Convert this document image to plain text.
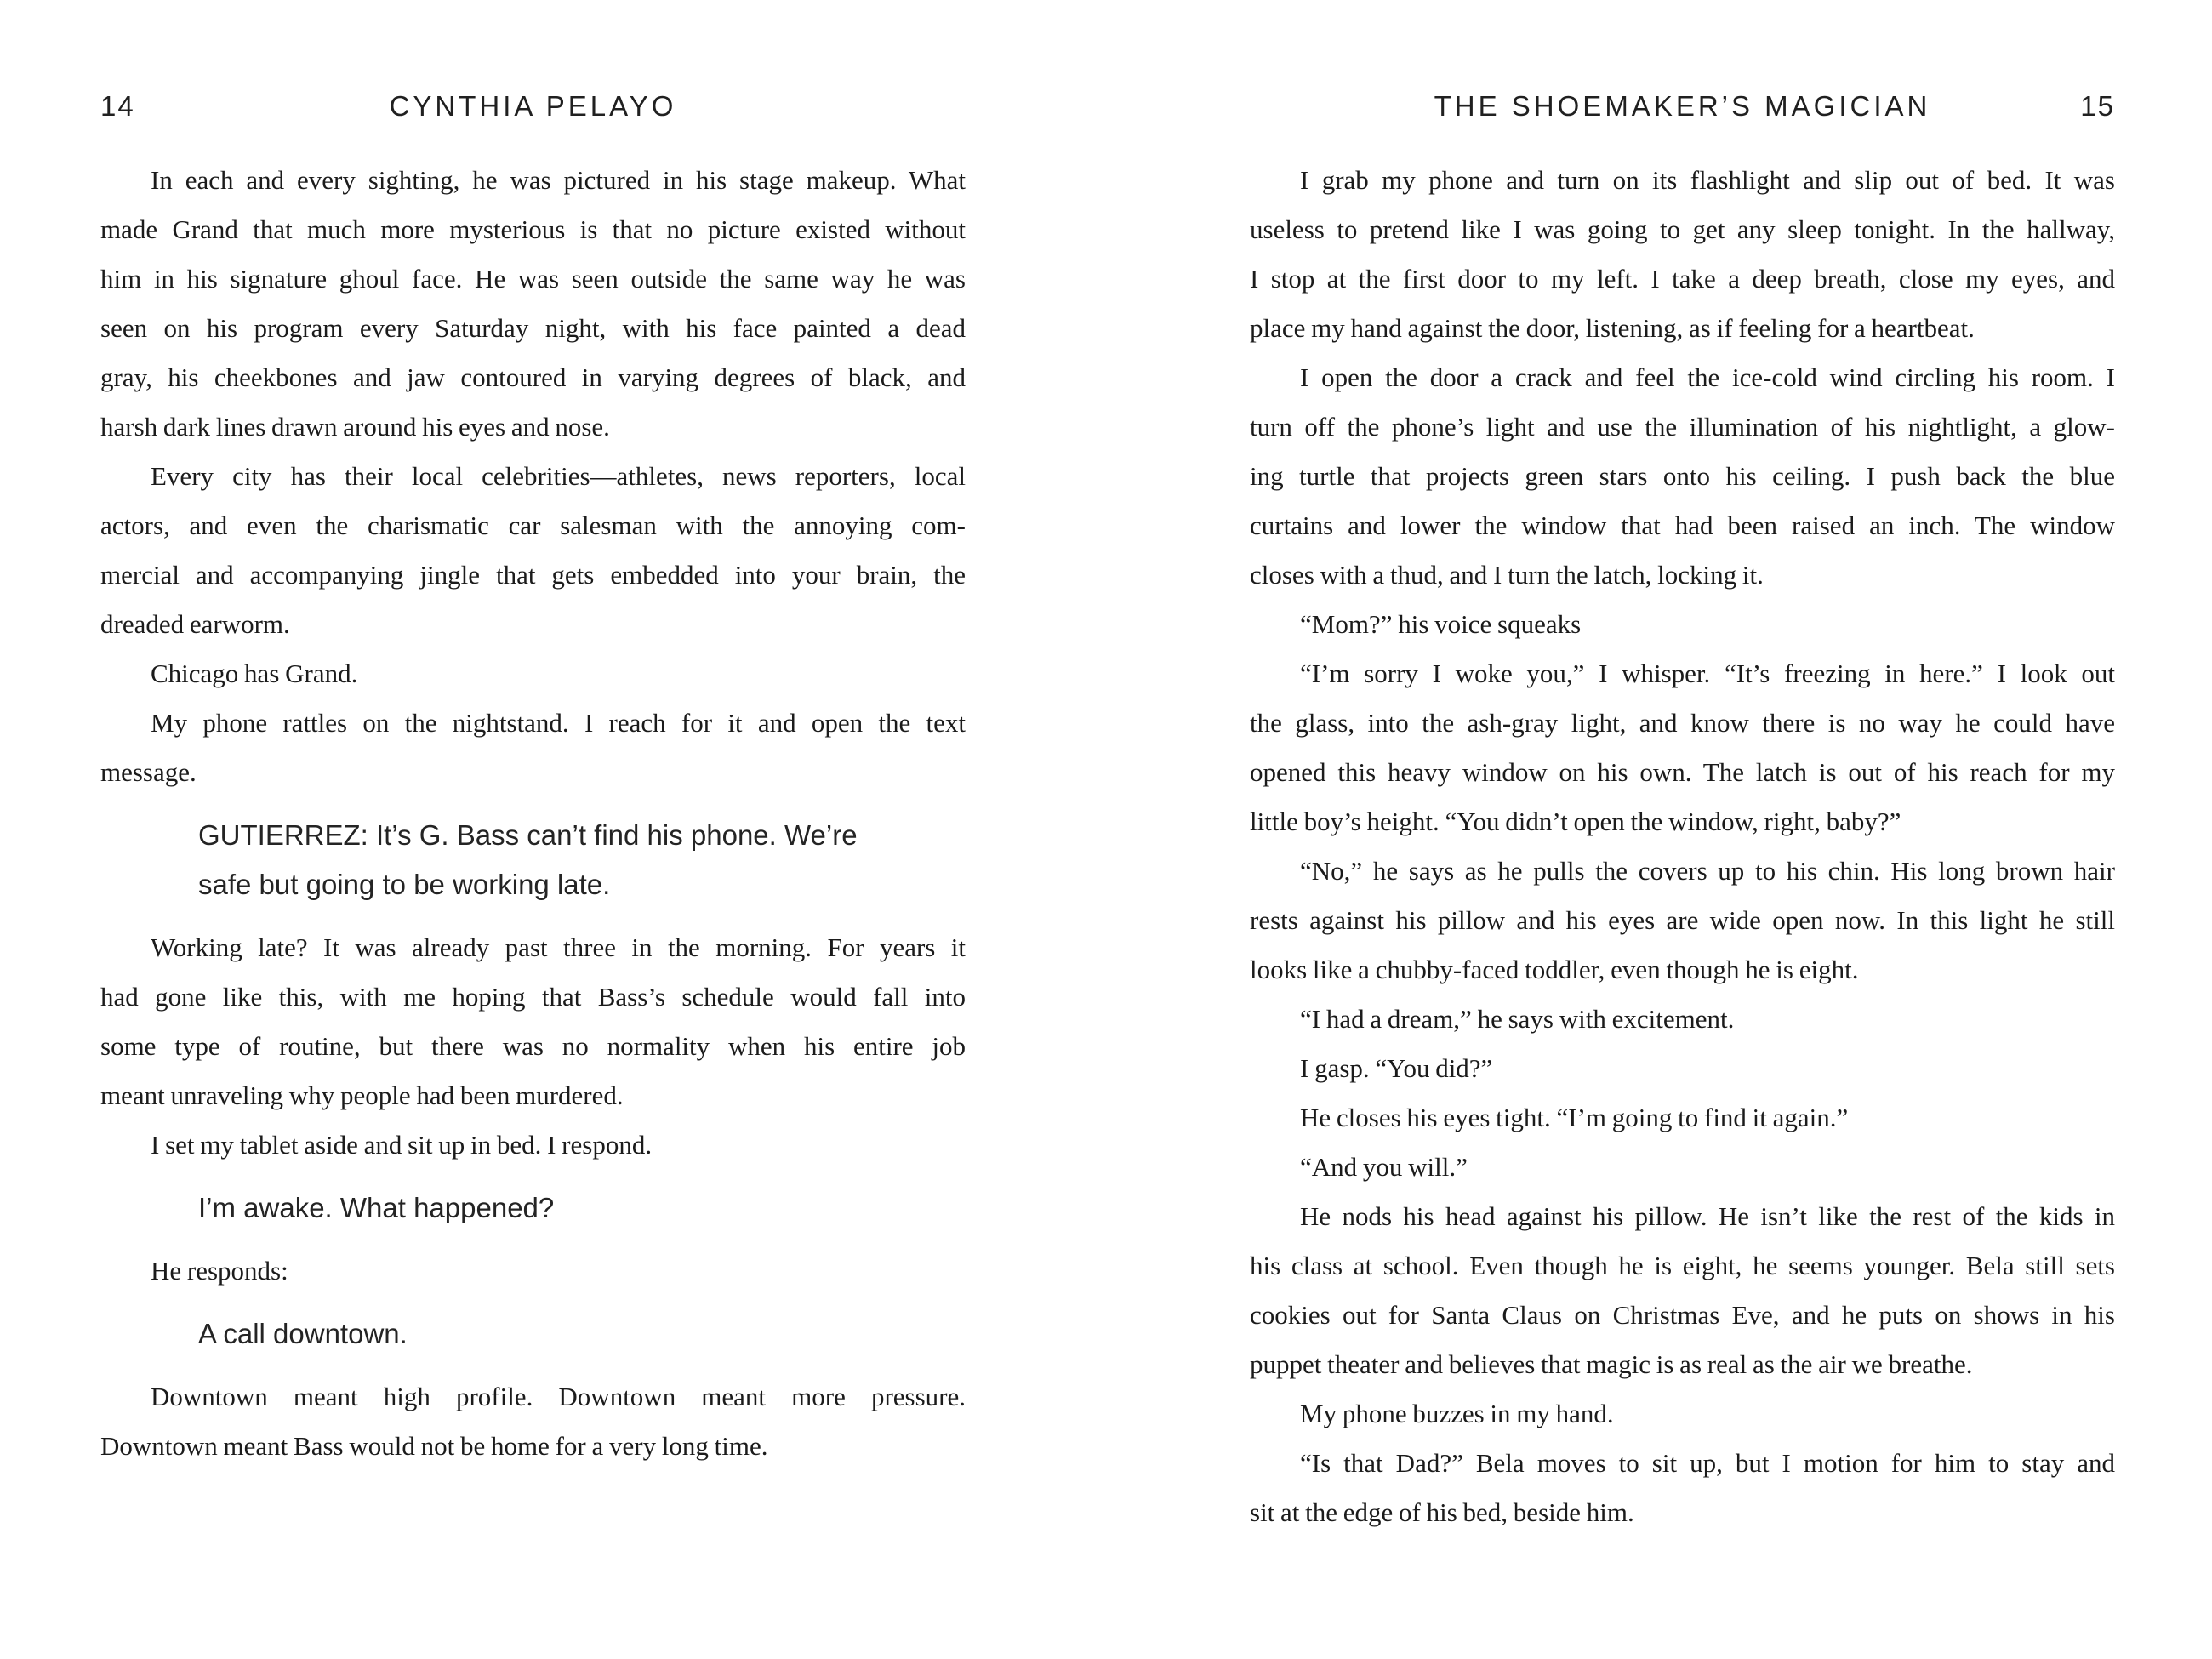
14	CYNTHIA PELAYO
In each and every sighting, he was pictured in his stage makeup. What
made Grand that much more mysterious is that no picture existed without
him in his signature ghoul face. He was seen outside the same way he was
seen on his program every Saturday night, with his face painted a dead
gray, his cheekbones and jaw contoured in varying degrees of black, and
harsh dark lines drawn around his eyes and nose.
Every city has their local celebrities—athletes, news reporters, local
actors, and even the charismatic car salesman with the annoying com-
mercial and accompanying jingle that gets embedded into your brain, the
dreaded earworm.
Chicago has Grand.
My phone rattles on the nightstand. I reach for it and open the text
message.
GUTIERREZ: It’s G. Bass can’t find his phone. We’re
safe but going to be working late.
Working late? It was already past three in the morning. For years it
had gone like this, with me hoping that Bass’s schedule would fall into
some type of routine, but there was no normality when his entire job
meant unraveling why people had been murdered.
I set my tablet aside and sit up in bed. I respond.
I’m awake. What happened?
He responds:
A call downtown.
Downtown meant high profile. Downtown meant more pressure.
Downtown meant Bass would not be home for a very long time.
THE SHOEMAKER’S MAGICIAN	15
I grab my phone and turn on its flashlight and slip out of bed. It was
useless to pretend like I was going to get any sleep tonight. In the hallway,
I stop at the first door to my left. I take a deep breath, close my eyes, and
place my hand against the door, listening, as if feeling for a heartbeat.
I open the door a crack and feel the ice-cold wind circling his room. I
turn off the phone’s light and use the illumination of his nightlight, a glow-
ing turtle that projects green stars onto his ceiling. I push back the blue
curtains and lower the window that had been raised an inch. The window
closes with a thud, and I turn the latch, locking it.
“Mom?” his voice squeaks
“I’m sorry I woke you,” I whisper. “It’s freezing in here.” I look out
the glass, into the ash-gray light, and know there is no way he could have
opened this heavy window on his own. The latch is out of his reach for my
little boy’s height. “You didn’t open the window, right, baby?”
“No,” he says as he pulls the covers up to his chin. His long brown hair
rests against his pillow and his eyes are wide open now. In this light he still
looks like a chubby-faced toddler, even though he is eight.
“I had a dream,” he says with excitement.
I gasp. “You did?”
He closes his eyes tight. “I’m going to find it again.”
“And you will.”
He nods his head against his pillow. He isn’t like the rest of the kids in
his class at school. Even though he is eight, he seems younger. Bela still sets
cookies out for Santa Claus on Christmas Eve, and he puts on shows in his
puppet theater and believes that magic is as real as the air we breathe.
My phone buzzes in my hand.
“Is that Dad?” Bela moves to sit up, but I motion for him to stay and
sit at the edge of his bed, beside him.
